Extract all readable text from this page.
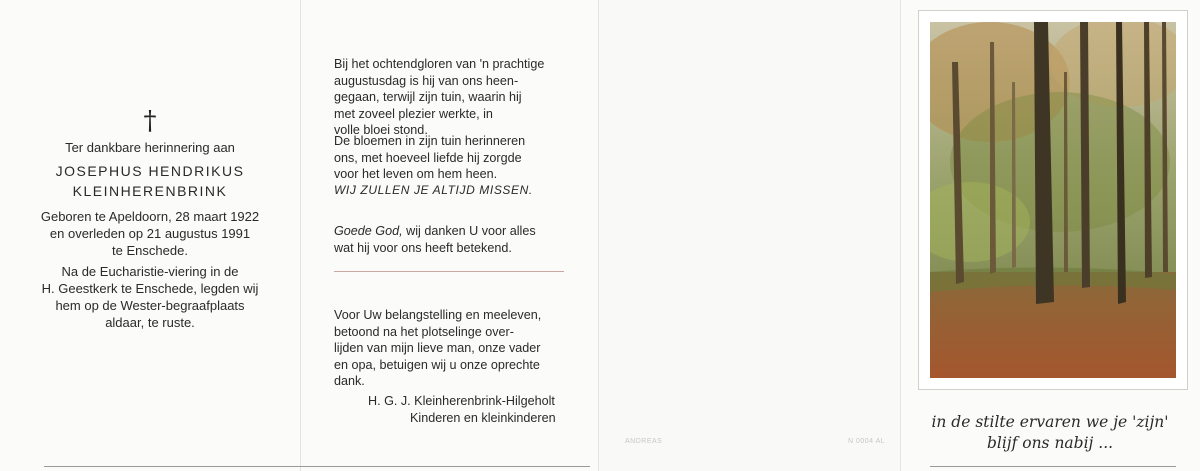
†
Ter dankbare herinnering aan
JOSEPHUS HENDRIKUS
KLEINHERENBRINK
Geboren te Apeldoorn, 28 maart 1922
en overleden op 21 augustus 1991
te Enschede.
Na de Eucharistie-viering in de
H. Geestkerk te Enschede, legden wij
hem op de Wester-begraafplaats
aldaar, te ruste.
Bij het ochtendgloren van 'n prachtige
augustusdag is hij van ons heen-
gegaan, terwijl zijn tuin, waarin hij
met zoveel plezier werkte, in
volle bloei stond.
De bloemen in zijn tuin herinneren
ons, met hoeveel liefde hij zorgde
voor het leven om hem heen.
WIJ ZULLEN JE ALTIJD MISSEN.
Goede God, wij danken U voor alles
wat hij voor ons heeft betekend.
Voor Uw belangstelling en meeleven,
betoond na het plotselinge over-
lijden van mijn lieve man, onze vader
en opa, betuigen wij u onze oprechte
dank.
H. G. J. Kleinherenbrink-Hilgeholt
Kinderen en kleinkinderen
ANDREAS	N 0004 AL
in de stilte ervaren we je 'zijn'
blijf ons nabij ...
